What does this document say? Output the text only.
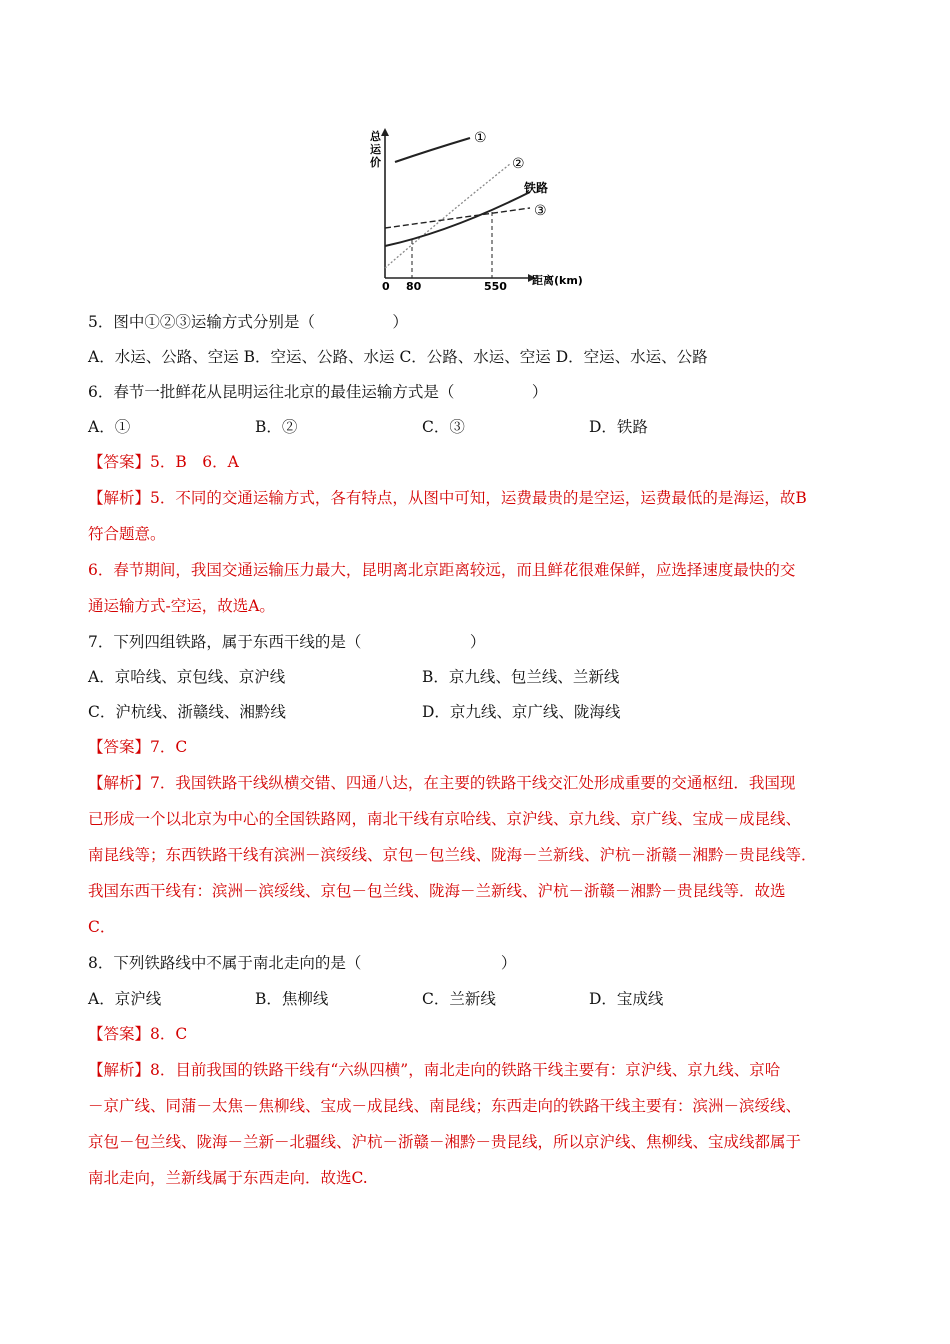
总
运
价
①
②
铁路
③
0 80	550 距离(km)
5．图中①②③运输方式分别是（　　　　　）
A．水运、公路、空运 B．空运、公路、水运 C．公路、水运、空运 D．空运、水运、公路
6．春节一批鲜花从昆明运往北京的最佳运输方式是（　　　　　）
A．①	B．②	C．③	D．铁路
【答案】5．B　6．A
【解析】5．不同的交通运输方式，各有特点，从图中可知，运费最贵的是空运，运费最低的是海运，故B
符合题意。
6．春节期间，我国交通运输压力最大，昆明离北京距离较远，而且鲜花很难保鲜，应选择速度最快的交
通运输方式-空运，故选A。
7．下列四组铁路，属于东西干线的是（　　　　　　　）
A．京哈线、京包线、京沪线	B．京九线、包兰线、兰新线
C．沪杭线、浙赣线、湘黔线	D．京九线、京广线、陇海线
【答案】7．C
【解析】7．我国铁路干线纵横交错、四通八达，在主要的铁路干线交汇处形成重要的交通枢纽．我国现
已形成一个以北京为中心的全国铁路网，南北干线有京哈线、京沪线、京九线、京广线、宝成－成昆线、
南昆线等；东西铁路干线有滨洲－滨绥线、京包－包兰线、陇海－兰新线、沪杭－浙赣－湘黔－贵昆线等．
我国东西干线有：滨洲－滨绥线、京包－包兰线、陇海－兰新线、沪杭－浙赣－湘黔－贵昆线等．故选
C．
8．下列铁路线中不属于南北走向的是（　　　　　　　　　）
A．京沪线	B．焦柳线	C．兰新线	D．宝成线
【答案】8．C
【解析】8．目前我国的铁路干线有“六纵四横”，南北走向的铁路干线主要有：京沪线、京九线、京哈
－京广线、同蒲－太焦－焦柳线、宝成－成昆线、南昆线；东西走向的铁路干线主要有：滨洲－滨绥线、
京包－包兰线、陇海－兰新－北疆线、沪杭－浙赣－湘黔－贵昆线，所以京沪线、焦柳线、宝成线都属于
南北走向，兰新线属于东西走向．故选C.
